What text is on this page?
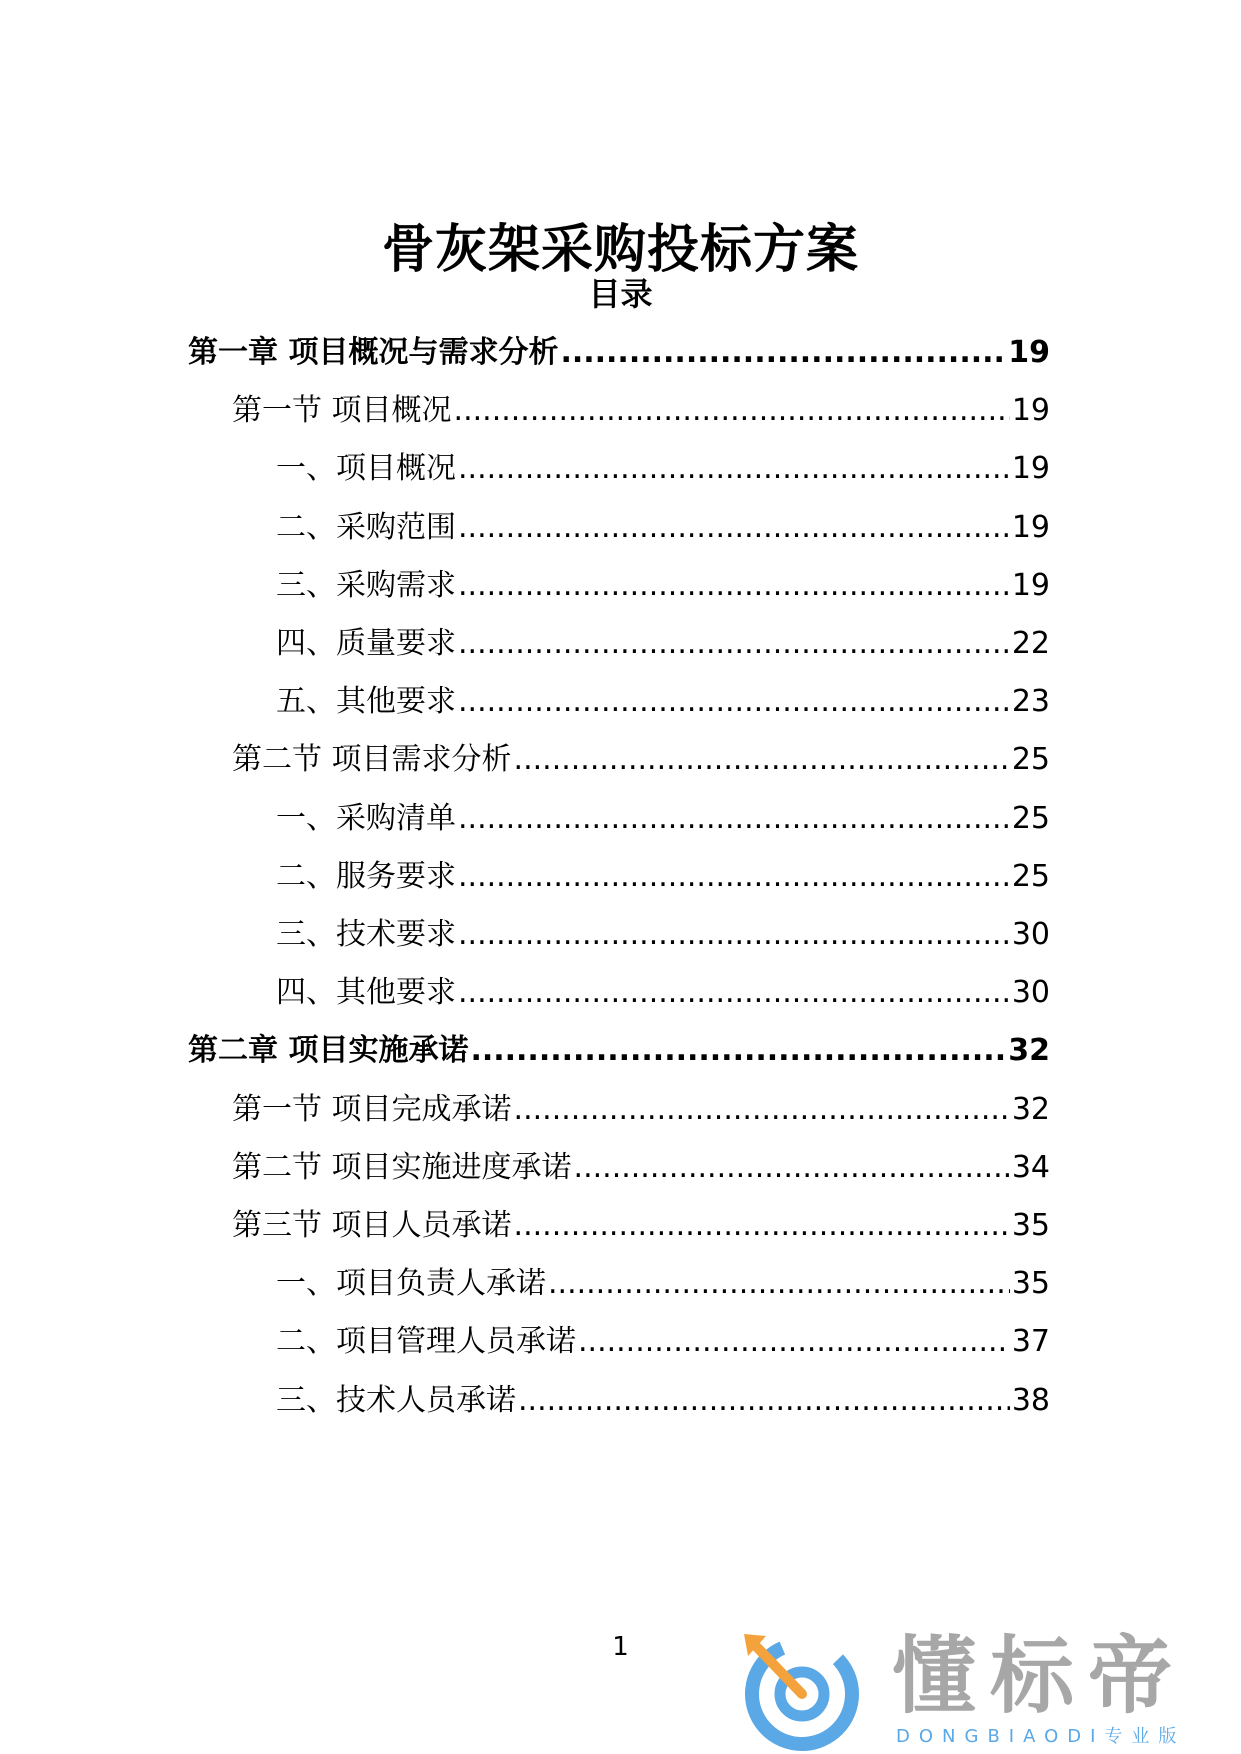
骨灰架采购投标方案
目录
第一章 项目概况与需求分析 .....	19
第一节 项目概况 .....	19
一、项目概况 .....	19
二、采购范围 .....	19
三、采购需求 .....	19
四、质量要求 .....	22
五、其他要求 .....	23
第二节 项目需求分析 .....	25
一、采购清单 .....	25
二、服务要求 .....	25
三、技术要求 .....	30
四、其他要求 .....	30
第二章 项目实施承诺 .....	32
第一节 项目完成承诺 .....	32
第二节 项目实施进度承诺 .....	34
第三节 项目人员承诺 .....	35
一、项目负责人承诺 .....	35
二、项目管理人员承诺 .....	37
三、技术人员承诺 .....	38
1	懂标帝
DONGBIAODI专业版
